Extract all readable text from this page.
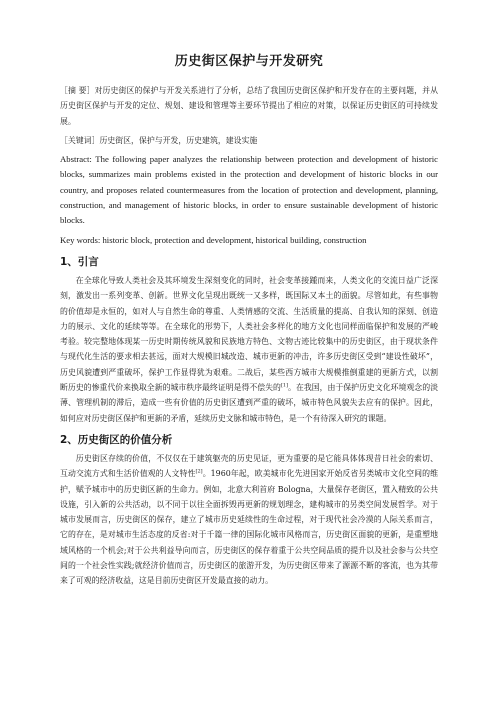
历史街区保护与开发研究

［摘 要］对历史街区的保护与开发关系进行了分析，总结了我国历史街区保护和开发存在的主要问题，并从历史街区保护与开发的定位、规划、建设和管理等主要环节提出了相应的对策，以保证历史街区的可持续发展。

［关键词］历史街区，保护与开发，历史建筑，建设实施

Abstract: The following paper analyzes the relationship between protection and development of historic blocks, summarizes main problems existed in the protection and development of historic blocks in our country, and proposes related countermeasures from the location of protection and development, planning, construction, and management of historic blocks, in order to ensure sustainable development of historic blocks.

Key words: historic block, protection and development, historical building, construction

1、引言

在全球化导致人类社会及其环境发生深刻变化的同时，社会变革接踵而来，人类文化的交流日益广泛深刻，激发出一系列变革、创新。世界文化呈现出既统一又多样，既国际又本土的面貌。尽管如此，有些事物的价值却是永恒的，如对人与自然生命的尊重、人类情感的交流、生活质量的提高、自我认知的深刻、创造力的展示、文化的延续等等。在全球化的形势下，人类社会多样化的地方文化也同样面临保护和发展的严峻考验。较完整地体现某一历史时期传统风貌和民族地方特色、文物古迹比较集中的历史街区，由于现状条件与现代化生活的要求相去甚远，面对大规模旧城改造、城市更新的冲击，许多历史街区受到“建设性破坏”，历史风貌遭到严重破坏，保护工作显得犹为艰难。二战后，某些西方城市大规模推倒重建的更新方式，以割断历史的惨重代价来换取全新的城市秩序最终证明是得不偿失的[1]。在我国，由于保护历史文化环境观念的淡薄、管理机制的滞后，造成一些有价值的历史街区遭到严重的破坏，城市特色风貌失去应有的保护。因此，如何应对历史街区保护和更新的矛盾，延续历史文脉和城市特色，是一个有待深入研究的课题。

2、历史街区的价值分析

历史街区存续的价值，不仅仅在于建筑躯壳的历史见证，更为重要的是它能具体体现昔日社会的索切、互动交流方式和生活价值观的人文特性[2]。1960年起，欧美城市化先进国家开始反省另类城市文化空间的维护，赋予城市中的历史街区新的生命力。例如，北意大利首府 Bologna，大量保存老街区，置入精致的公共设施，引入新的公共活动，以不同于以往全面拆毁再更新的规划理念，建构城市的另类空间发展哲学。对于城市发展而言，历史街区的保存，建立了城市历史延续性的生命过程，对于现代社会冷漠的人际关系而言，它的存在，是对城市生活态度的反省:对于千篇一律的国际化城市风格而言，历史街区面貌的更新，是重塑地域风格的一个机会;对于公共利益导向而言，历史街区的保存着重于公共空间品质的提升以及社会参与公共空间的一个社会性实践;就经济价值而言，历史街区的旅游开发，为历史街区带来了源源不断的客流，也为其带来了可观的经济收益，这是目前历史街区开发最直接的动力。
